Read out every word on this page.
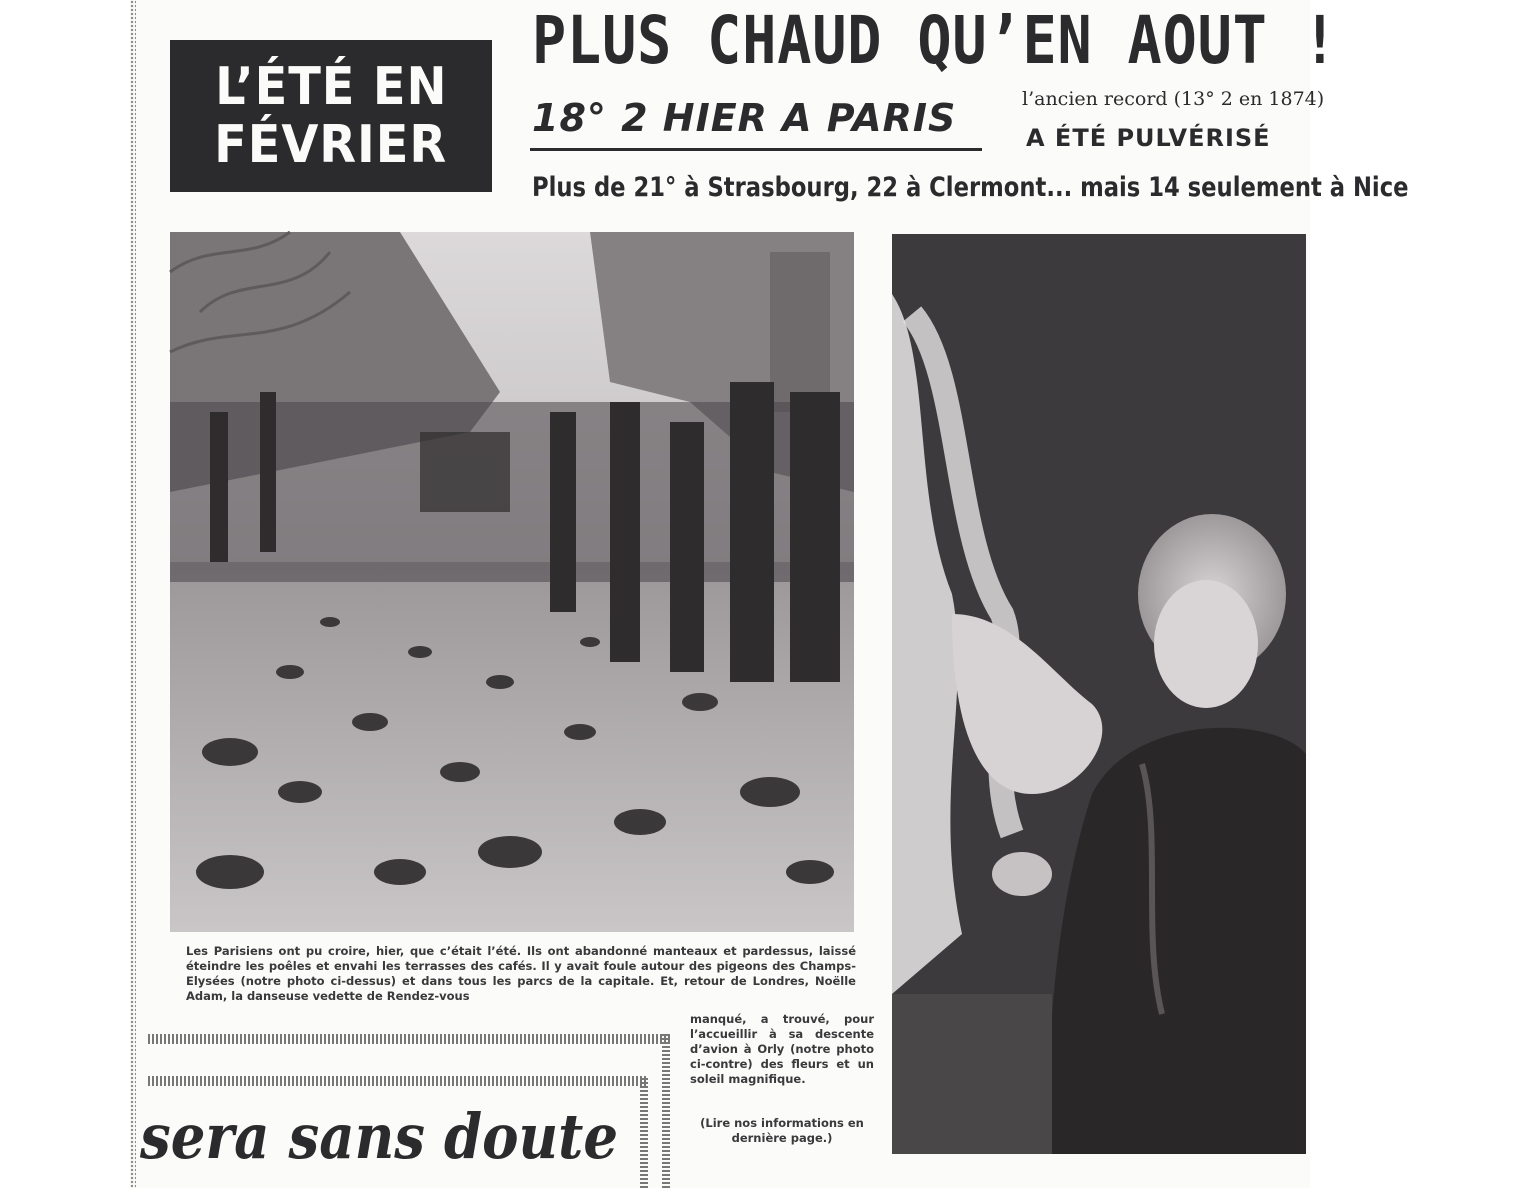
L’ÉTÉ EN
FÉVRIER
PLUS CHAUD QU’EN AOUT !
18° 2 HIER A PARIS	l’ancien record (13° 2 en 1874)
A ÉTÉ PULVÉRISÉ
Plus de 21° à Strasbourg, 22 à Clermont... mais 14 seulement à Nice
Les Parisiens ont pu croire, hier, que c’était l’été. Ils ont abandonné manteaux et pardessus, laissé éteindre les poêles et envahi les terrasses des cafés. Il y avait foule autour des pigeons des Champs-Elysées (notre photo ci-dessus) et dans tous les parcs de la capitale. Et, retour de Londres, Noëlle Adam, la danseuse vedette de Rendez-vous
manqué, a trouvé, pour l’accueillir à sa descente d’avion à Orly (notre photo ci-contre) des fleurs et un soleil magnifique.
(Lire nos informations en dernière page.)
sera sans doute
